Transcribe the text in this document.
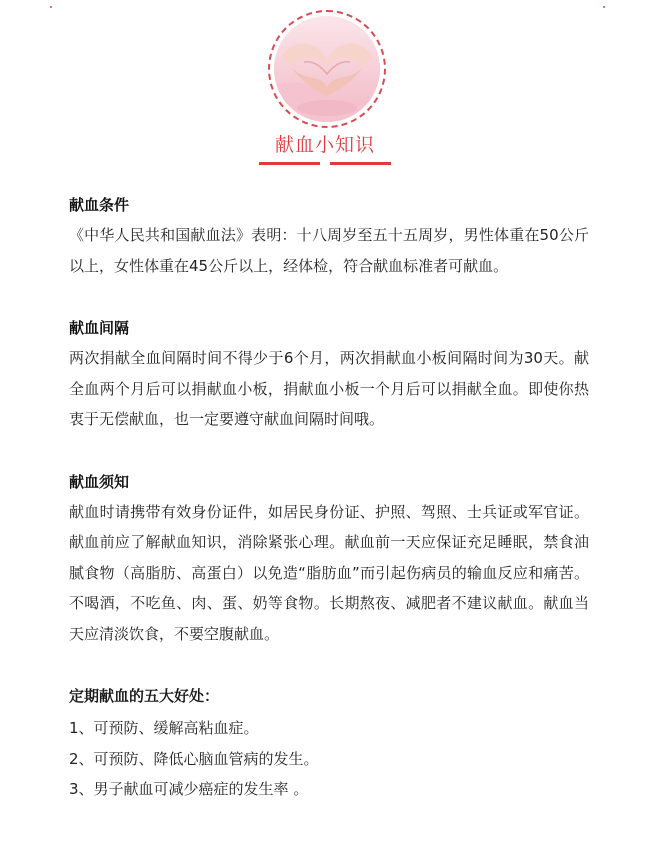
献血小知识
献血条件
《中华人民共和国献血法》表明：十八周岁至五十五周岁，男性体重在50公斤以上，女性体重在45公斤以上，经体检，符合献血标准者可献血。
献血间隔
两次捐献全血间隔时间不得少于6个月，两次捐献血小板间隔时间为30天。献全血两个月后可以捐献血小板，捐献血小板一个月后可以捐献全血。即使你热衷于无偿献血，也一定要遵守献血间隔时间哦。
献血须知
献血时请携带有效身份证件，如居民身份证、护照、驾照、士兵证或军官证。献血前应了解献血知识，消除紧张心理。献血前一天应保证充足睡眠，禁食油腻食物（高脂肪、高蛋白）以免造“脂肪血”而引起伤病员的输血反应和痛苦。不喝酒，不吃鱼、肉、蛋、奶等食物。长期熬夜、减肥者不建议献血。献血当天应清淡饮食，不要空腹献血。
定期献血的五大好处：
1、可预防、缓解高粘血症。
2、可预防、降低心脑血管病的发生。
3、男子献血可减少癌症的发生率 。
